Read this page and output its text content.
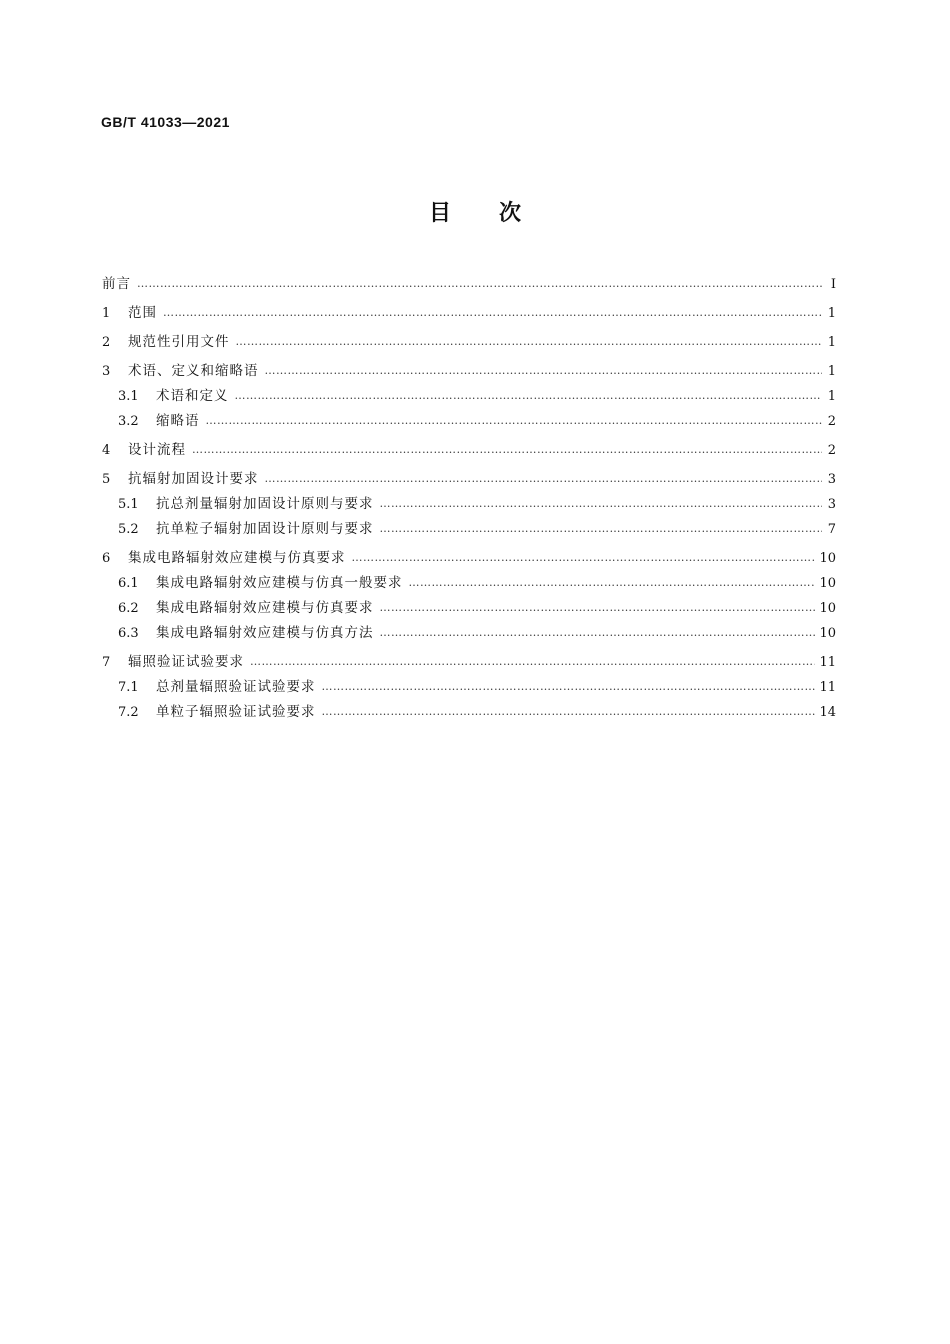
GB/T 41033—2021
目次
前言 ……………………………………………………………………………………………………………………………………………………………………………………………………	Ⅰ
1	范围 ……………………………………………………………………………………………………………………………………………………………………………………………………	1
2	规范性引用文件 ……………………………………………………………………………………………………………………………………………………………………………………………………	1
3	术语、定义和缩略语 ……………………………………………………………………………………………………………………………………………………………………………………………………	1
3.1	术语和定义 ……………………………………………………………………………………………………………………………………………………………………………………………………	1
3.2	缩略语 ……………………………………………………………………………………………………………………………………………………………………………………………………	2
4	设计流程 ……………………………………………………………………………………………………………………………………………………………………………………………………	2
5	抗辐射加固设计要求 ……………………………………………………………………………………………………………………………………………………………………………………………………	3
5.1	抗总剂量辐射加固设计原则与要求 ……………………………………………………………………………………………………………………………………………………………………………………………………	3
5.2	抗单粒子辐射加固设计原则与要求 ……………………………………………………………………………………………………………………………………………………………………………………………………	7
6	集成电路辐射效应建模与仿真要求 ……………………………………………………………………………………………………………………………………………………………………………………………………	10
6.1	集成电路辐射效应建模与仿真一般要求 ……………………………………………………………………………………………………………………………………………………………………………………………………	10
6.2	集成电路辐射效应建模与仿真要求 ……………………………………………………………………………………………………………………………………………………………………………………………………	10
6.3	集成电路辐射效应建模与仿真方法 ……………………………………………………………………………………………………………………………………………………………………………………………………	10
7	辐照验证试验要求 ……………………………………………………………………………………………………………………………………………………………………………………………………	11
7.1	总剂量辐照验证试验要求 ……………………………………………………………………………………………………………………………………………………………………………………………………	11
7.2	单粒子辐照验证试验要求 ……………………………………………………………………………………………………………………………………………………………………………………………………	14
